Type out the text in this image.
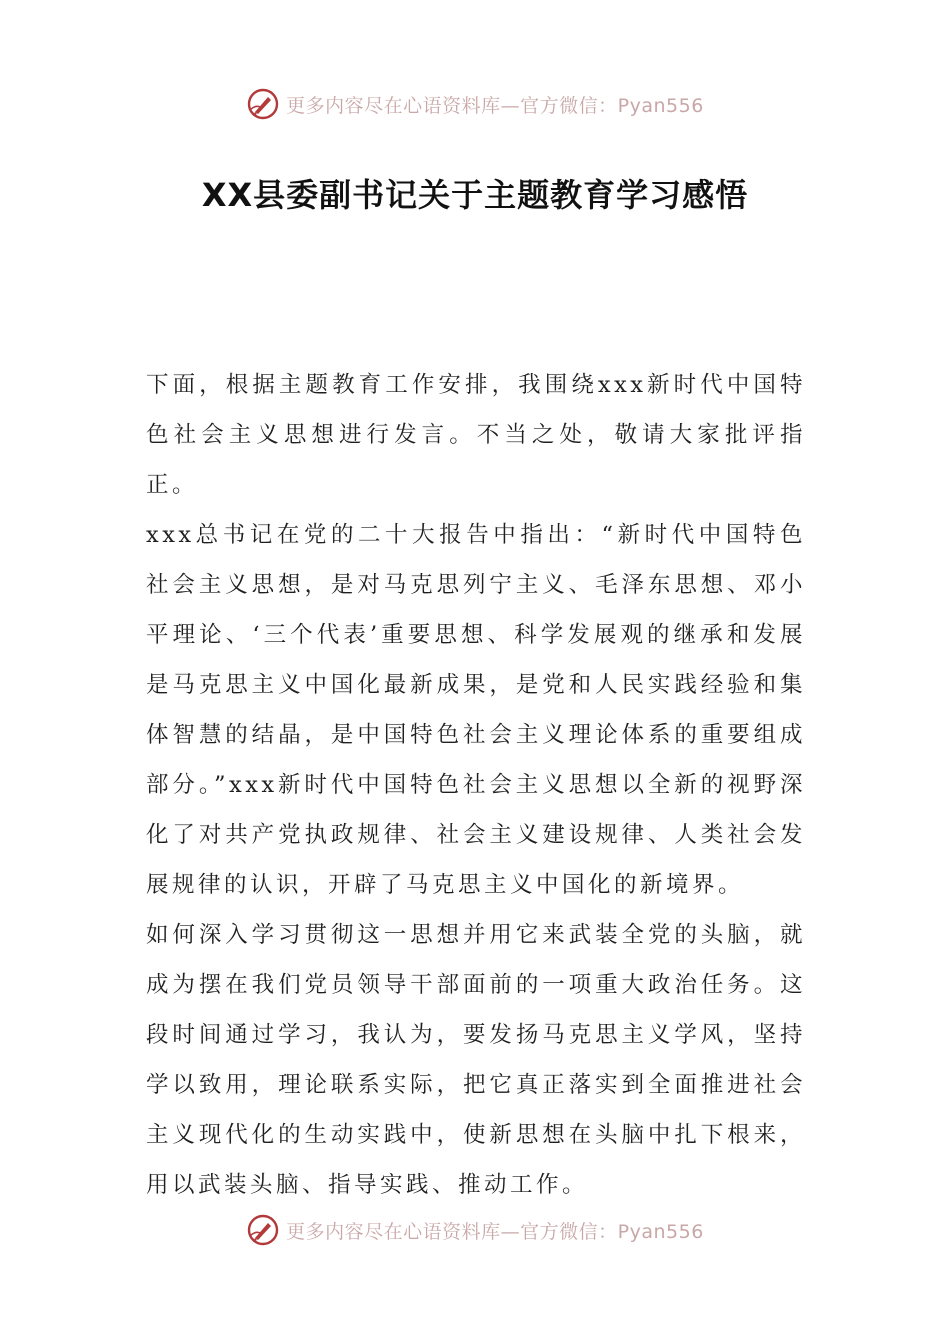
更多内容尽在心语资料库—官方微信：Pyan556
XX县委副书记关于主题教育学习感悟

下面，根据主题教育工作安排，我围绕xxx新时代中国特色社会主义思想进行发言。不当之处，敬请大家批评指正。

xxx总书记在党的二十大报告中指出：“新时代中国特色社会主义思想，是对马克思列宁主义、毛泽东思想、邓小平理论、‘三个代表’重要思想、科学发展观的继承和发展是马克思主义中国化最新成果，是党和人民实践经验和集体智慧的结晶，是中国特色社会主义理论体系的重要组成部分。”xxx新时代中国特色社会主义思想以全新的视野深化了对共产党执政规律、社会主义建设规律、人类社会发展规律的认识，开辟了马克思主义中国化的新境界。

如何深入学习贯彻这一思想并用它来武装全党的头脑，就成为摆在我们党员领导干部面前的一项重大政治任务。这段时间通过学习，我认为，要发扬马克思主义学风，坚持学以致用，理论联系实际，把它真正落实到全面推进社会主义现代化的生动实践中，使新思想在头脑中扎下根来，用以武装头脑、指导实践、推动工作。

更多内容尽在心语资料库—官方微信：Pyan556
